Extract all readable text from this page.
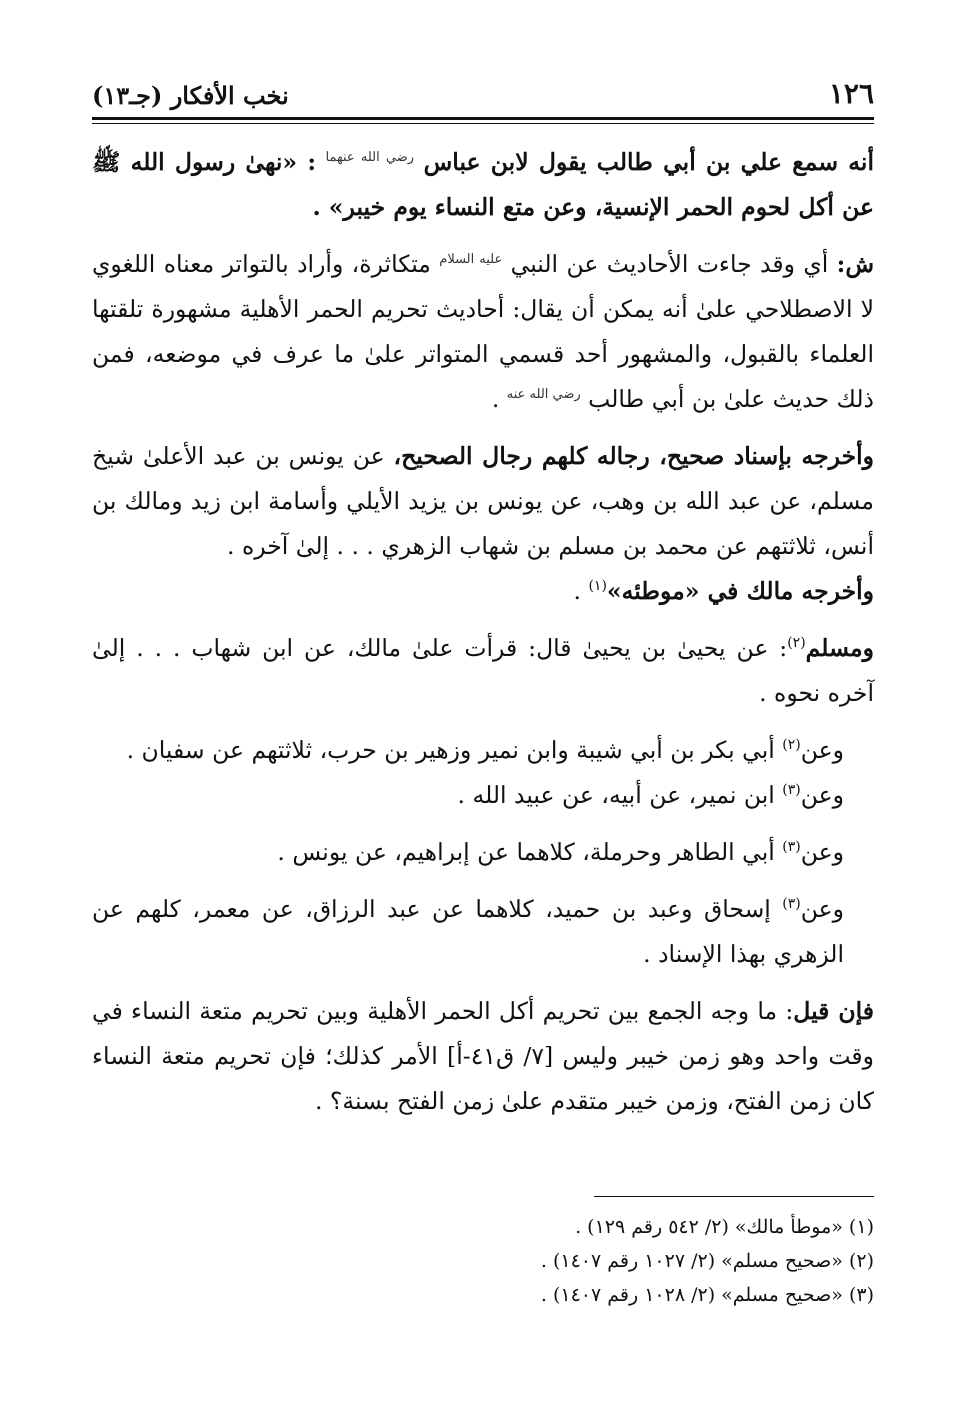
١٢٦
نخب الأفكار (جـ١٣)

أنه سمع علي بن أبي طالب يقول لابن عباس $^{رضي الله عنهما}$ : «نهىٰ رسول الله ﷺ عن أكل لحوم الحمر الإنسية، وعن متع النساء يوم خيبر» .

ش: أي وقد جاءت الأحاديث عن النبي $^{عليه السلام}$ متكاثرة، وأراد بالتواتر معناه اللغوي لا الاصطلاحي علىٰ أنه يمكن أن يقال: أحاديث تحريم الحمر الأهلية مشهورة تلقتها العلماء بالقبول، والمشهور أحد قسمي المتواتر علىٰ ما عرف في موضعه، فمن ذلك حديث علىٰ بن أبي طالب $^{رضي الله عنه}$ .

وأخرجه بإسناد صحيح، رجاله كلهم رجال الصحيح، عن يونس بن عبد الأعلىٰ شيخ مسلم، عن عبد الله بن وهب، عن يونس بن يزيد الأيلي وأسامة ابن زيد ومالك بن أنس، ثلاثتهم عن محمد بن مسلم بن شهاب الزهري . . . إلىٰ آخره .

وأخرجه مالك في «موطئه»$^{(١)}$ .

ومسلم$^{(٢)}$: عن يحيىٰ بن يحيىٰ قال: قرأت علىٰ مالك، عن ابن شهاب . . . إلىٰ آخره نحوه .

وعن$^{(٢)}$ أبي بكر بن أبي شيبة وابن نمير وزهير بن حرب، ثلاثتهم عن سفيان .

وعن$^{(٣)}$ ابن نمير، عن أبيه، عن عبيد الله .

وعن$^{(٣)}$ أبي الطاهر وحرملة، كلاهما عن إبراهيم، عن يونس .

وعن$^{(٣)}$ إسحاق وعبد بن حميد، كلاهما عن عبد الرزاق، عن معمر، كلهم عن الزهري بهذا الإسناد .

فإن قيل: ما وجه الجمع بين تحريم أكل الحمر الأهلية وبين تحريم متعة النساء في وقت واحد وهو زمن خيبر وليس [٧/ ق٤١-أ] الأمر كذلك؛ فإن تحريم متعة النساء كان زمن الفتح، وزمن خيبر متقدم علىٰ زمن الفتح بسنة؟ .

(١) «موطأ مالك» (٢/ ٥٤٢ رقم ١٢٩) .

(٢) «صحيح مسلم» (٢/ ١٠٢٧ رقم ١٤٠٧) .

(٣) «صحيح مسلم» (٢/ ١٠٢٨ رقم ١٤٠٧) .
